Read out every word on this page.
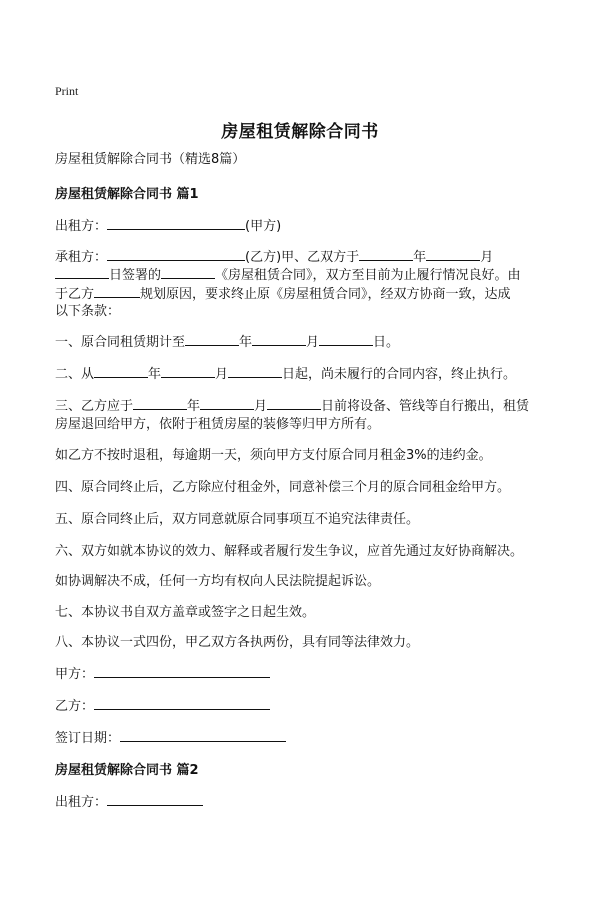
Print
房屋租赁解除合同书
房屋租赁解除合同书（精选8篇）
房屋租赁解除合同书 篇1
出租方：	(甲方)
承租方：	(乙方)甲、乙双方于	年	月
日签署的	《房屋租赁合同》，双方至目前为止履行情况良好。由
于乙方	规划原因，要求终止原《房屋租赁合同》，经双方协商一致，达成
以下条款：
一、原合同租赁期计至	年	月	日。
二、从	年	月	日起，尚未履行的合同内容，终止执行。
三、乙方应于	年	月	日前将设备、管线等自行搬出，租赁
房屋退回给甲方，依附于租赁房屋的装修等归甲方所有。
如乙方不按时退租，每逾期一天，须向甲方支付原合同月租金3%的违约金。
四、原合同终止后，乙方除应付租金外，同意补偿三个月的原合同租金给甲方。
五、原合同终止后，双方同意就原合同事项互不追究法律责任。
六、双方如就本协议的效力、解释或者履行发生争议，应首先通过友好协商解决。
如协调解决不成，任何一方均有权向人民法院提起诉讼。
七、本协议书自双方盖章或签字之日起生效。
八、本协议一式四份，甲乙双方各执两份，具有同等法律效力。
甲方：
乙方：
签订日期：
房屋租赁解除合同书 篇2
出租方：
